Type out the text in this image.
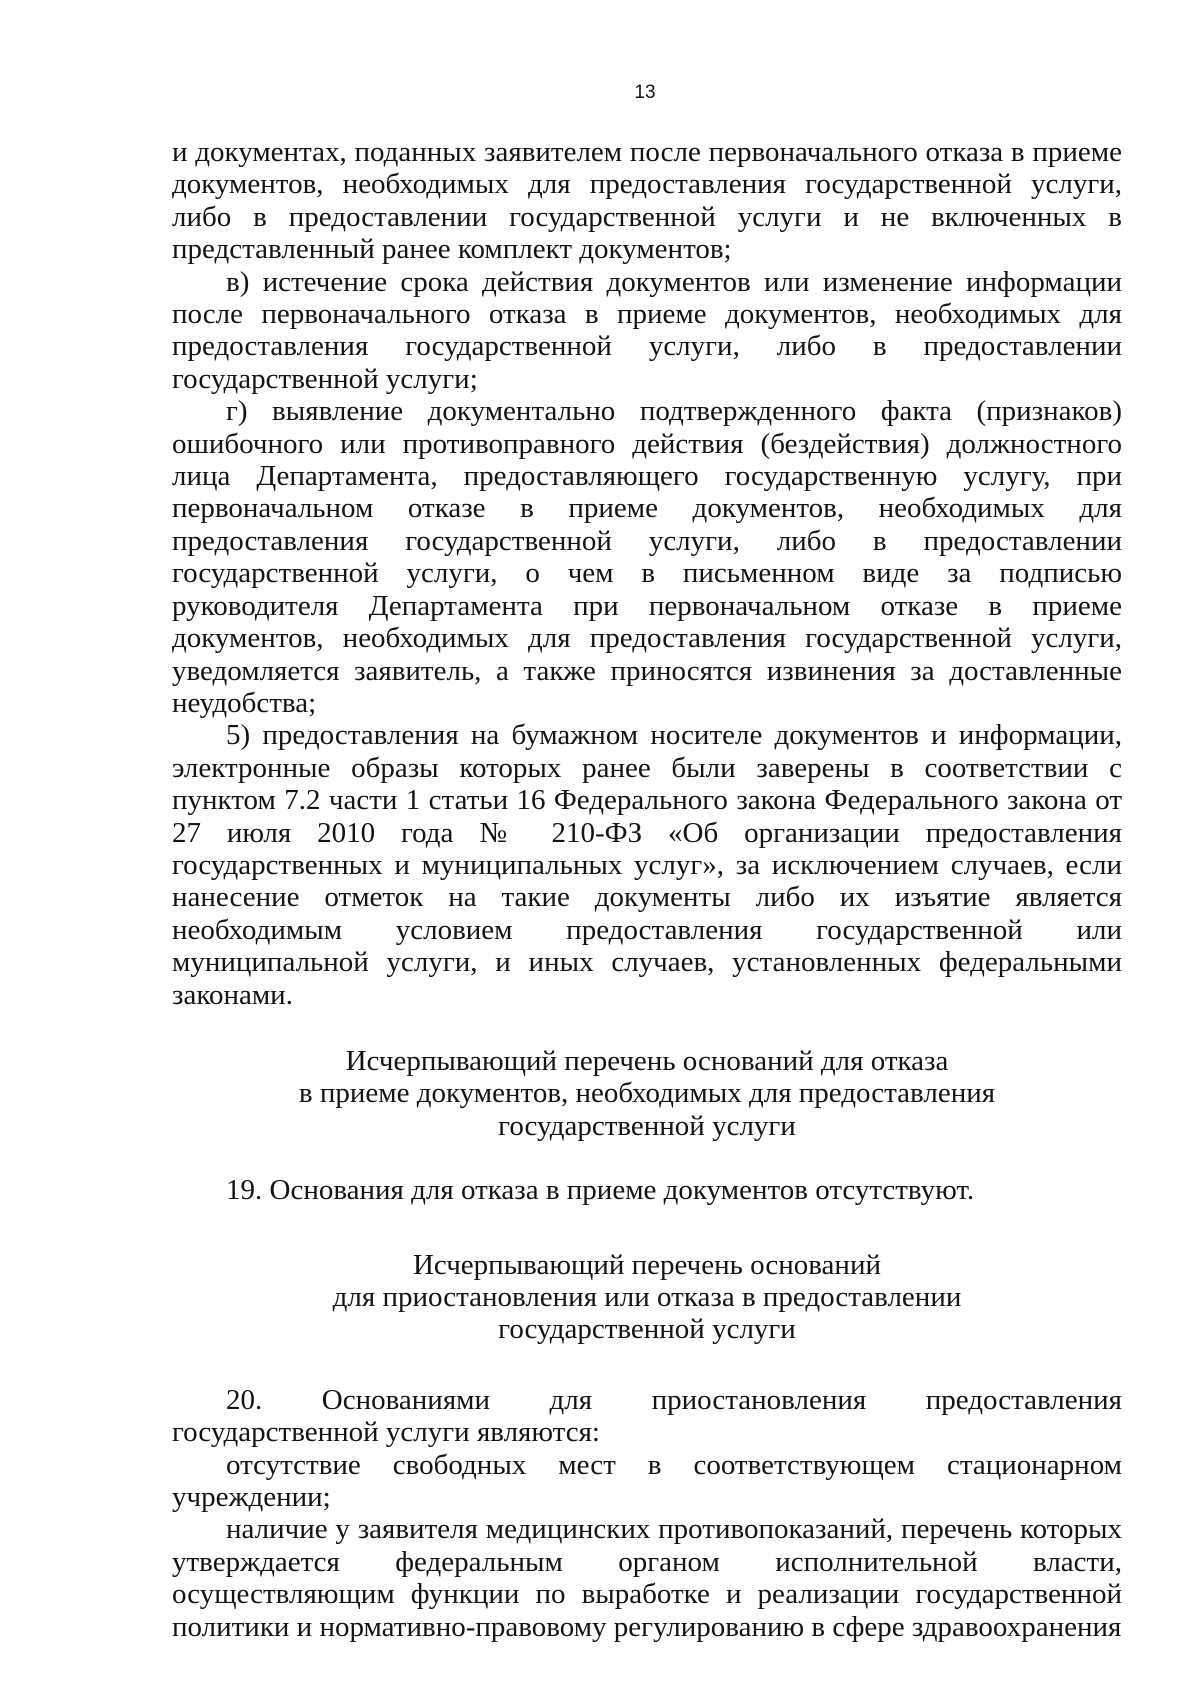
13

и документах, поданных заявителем после первоначального отказа в приеме документов, необходимых для предоставления государственной услуги, либо в предоставлении государственной услуги и не включенных в представленный ранее комплект документов;

в) истечение срока действия документов или изменение информации после первоначального отказа в приеме документов, необходимых для предоставления государственной услуги, либо в предоставлении государственной услуги;

г) выявление документально подтвержденного факта (признаков) ошибочного или противоправного действия (бездействия) должностного лица Департамента, предоставляющего государственную услугу, при первоначальном отказе в приеме документов, необходимых для предоставления государственной услуги, либо в предоставлении государственной услуги, о чем в письменном виде за подписью руководителя Департамента при первоначальном отказе в приеме документов, необходимых для предоставления государственной услуги, уведомляется заявитель, а также приносятся извинения за доставленные неудобства;

5) предоставления на бумажном носителе документов и информации, электронные образы которых ранее были заверены в соответствии с пунктом 7.2 части 1 статьи 16 Федерального закона Федерального закона от 27 июля 2010 года № 210-ФЗ «Об организации предоставления государственных и муниципальных услуг», за исключением случаев, если нанесение отметок на такие документы либо их изъятие является необходимым условием предоставления государственной или муниципальной услуги, и иных случаев, установленных федеральными законами.

Исчерпывающий перечень оснований для отказа

в приеме документов, необходимых для предоставления

государственной услуги

19. Основания для отказа в приеме документов отсутствуют.

Исчерпывающий перечень оснований

для приостановления или отказа в предоставлении

государственной услуги

20. Основаниями для приостановления предоставления государственной услуги являются:

отсутствие свободных мест в соответствующем стационарном учреждении;

наличие у заявителя медицинских противопоказаний, перечень которых утверждается федеральным органом исполнительной власти, осуществляющим функции по выработке и реализации государственной политики и нормативно-правовому регулированию в сфере здравоохранения
